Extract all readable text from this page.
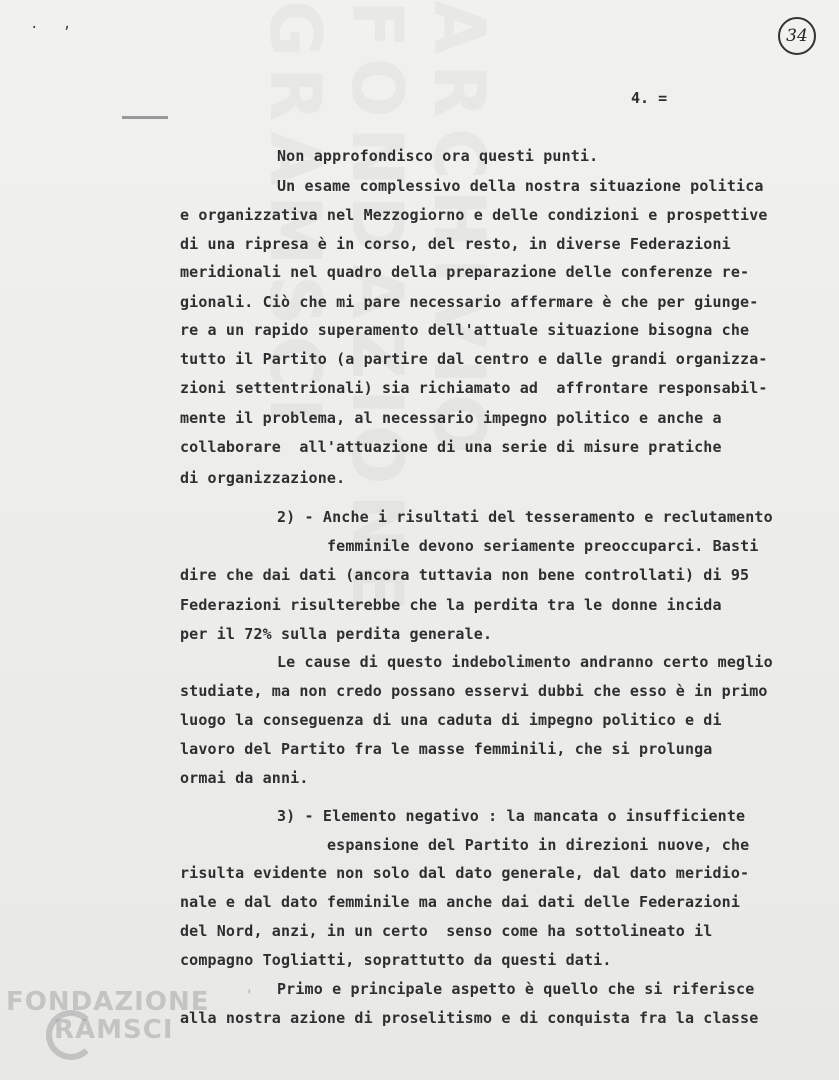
ARCHIVIO FONDAZIONE GRAMSCI
. ,
34
4. =
Non approfondisco ora questi punti.
Un esame complessivo della nostra situazione politica
e organizzativa nel Mezzogiorno e delle condizioni e prospettive
di una ripresa è in corso, del resto, in diverse Federazioni
meridionali nel quadro della preparazione delle conferenze re-
gionali. Ciò che mi pare necessario affermare è che per giunge-
re a un rapido superamento dell'attuale situazione bisogna che
tutto il Partito (a partire dal centro e dalle grandi organizza-
zioni settentrionali) sia richiamato ad  affrontare responsabil-
mente il problema, al necessario impegno politico e anche a
collaborare  all'attuazione di una serie di misure pratiche
di organizzazione.
2) - Anche i risultati del tesseramento e reclutamento
femminile devono seriamente preoccuparci. Basti
dire che dai dati (ancora tuttavia non bene controllati) di 95
Federazioni risulterebbe che la perdita tra le donne incida
per il 72% sulla perdita generale.
Le cause di questo indebolimento andranno certo meglio
studiate, ma non credo possano esservi dubbi che esso è in primo
luogo la conseguenza di una caduta di impegno politico e di
lavoro del Partito fra le masse femminili, che si prolunga
ormai da anni.
3) - Elemento negativo : la mancata o insufficiente
espansione del Partito in direzioni nuove, che
risulta evidente non solo dal dato generale, dal dato meridio-
nale e dal dato femminile ma anche dai dati delle Federazioni
del Nord, anzi, in un certo  senso come ha sottolineato il
compagno Togliatti, soprattutto da questi dati.
Primo e principale aspetto è quello che si riferisce
alla nostra azione di proselitismo e di conquista fra la classe
'
FONDAZIONE
RAMSCI
